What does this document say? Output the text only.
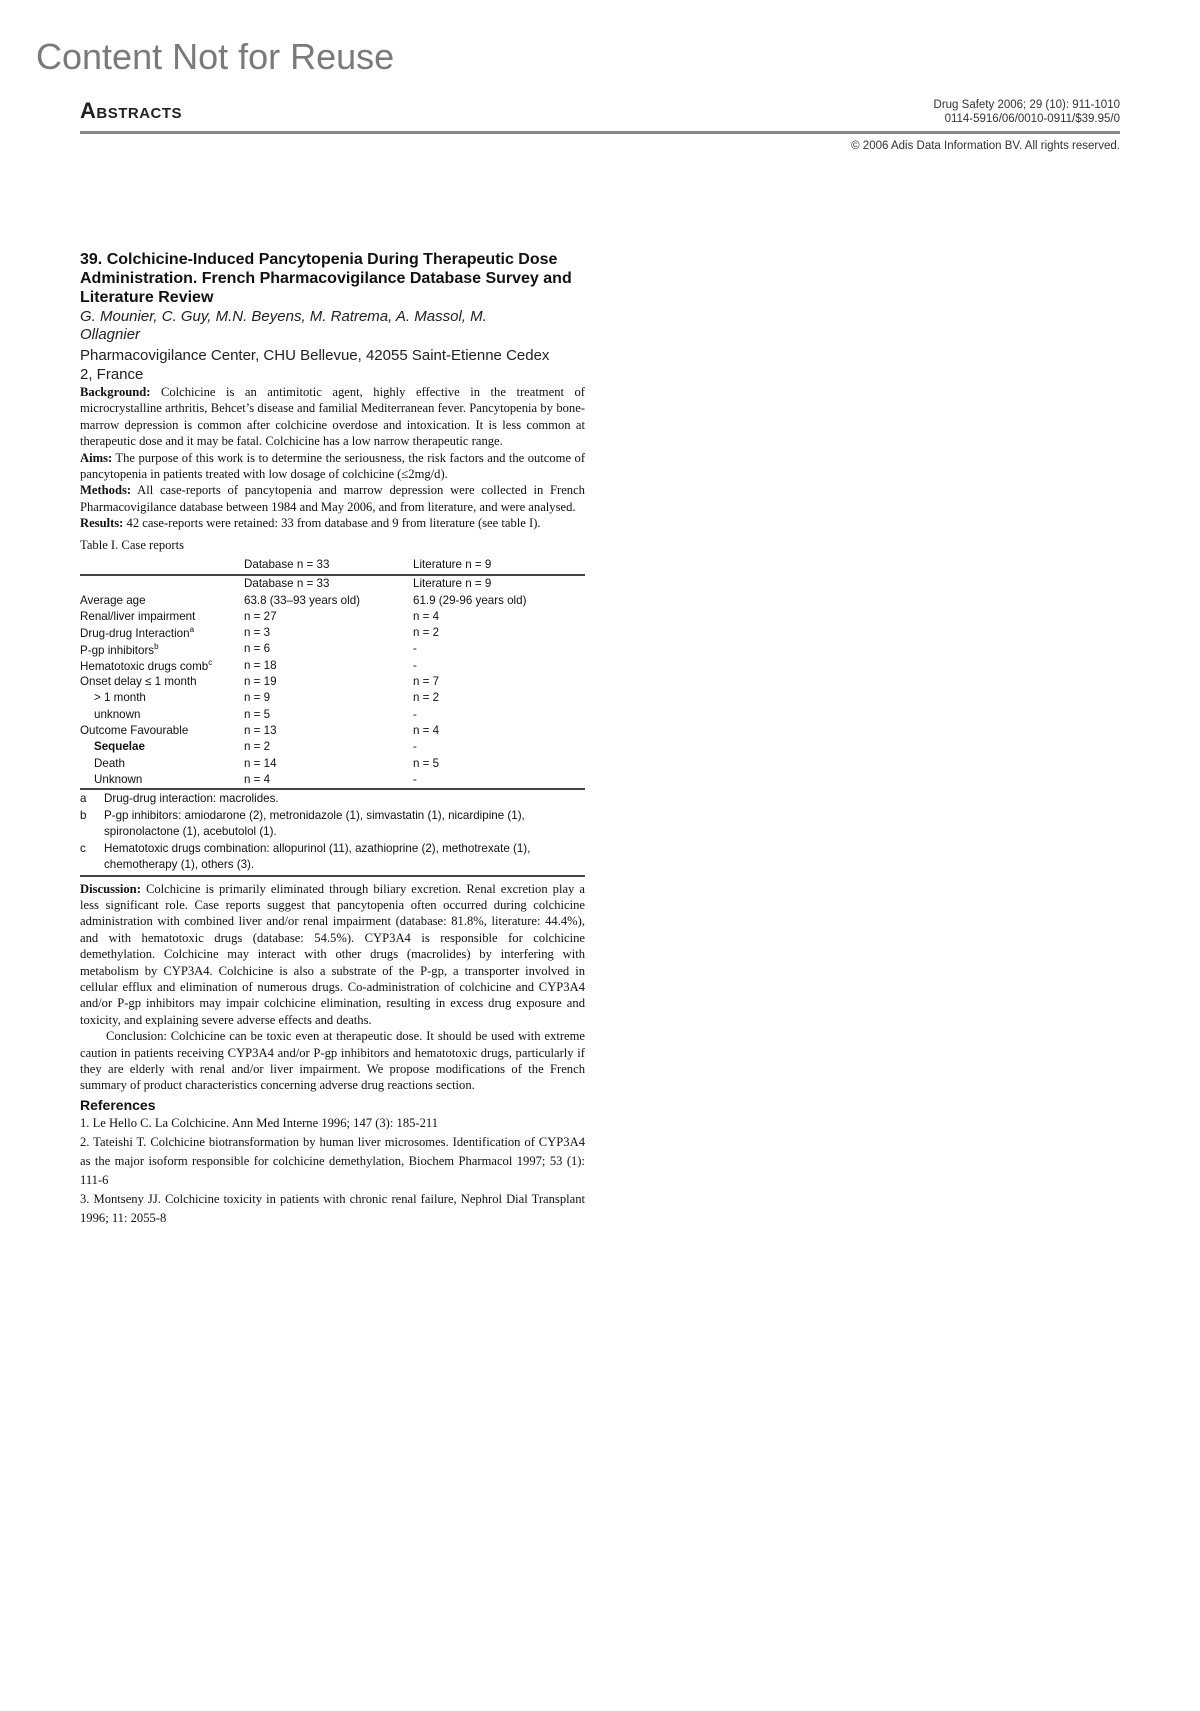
Content Not for Reuse
Abstracts	Drug Safety 2006; 29 (10): 911-1010
0114-5916/06/0010-0911/$39.95/0
© 2006 Adis Data Information BV. All rights reserved.
39. Colchicine-Induced Pancytopenia During Therapeutic Dose Administration. French Pharmacovigilance Database Survey and Literature Review
G. Mounier, C. Guy, M.N. Beyens, M. Ratrema, A. Massol, M. Ollagnier
Pharmacovigilance Center, CHU Bellevue, 42055 Saint-Etienne Cedex 2, France

Background: Colchicine is an antimitotic agent, highly effective in the treatment of microcrystalline arthritis, Behcet’s disease and familial Mediterranean fever. Pancytopenia by bone-marrow depression is common after colchicine overdose and intoxication. It is less common at therapeutic dose and it may be fatal. Colchicine has a low narrow therapeutic range.

Aims: The purpose of this work is to determine the seriousness, the risk factors and the outcome of pancytopenia in patients treated with low dosage of colchicine (≤2mg/d).

Methods: All case-reports of pancytopenia and marrow depression were collected in French Pharmacovigilance database between 1984 and May 2006, and from literature, and were analysed.

Results: 42 case-reports were retained: 33 from database and 9 from literature (see table I).

Table I. Case reports
	Database n = 33	Literature n = 9
	Database n = 33	Literature n = 9
Average age	63.8 (33–93 years old)	61.9 (29-96 years old)
Renal/liver impairment	n = 27	n = 4
Drug-drug Interaction$^a$	n = 3	n = 2
P-gp inhibitors$^b$	n = 6	-
Hematotoxic drugs comb$^c$	n = 18	-
Onset delay ≤ 1 month	n = 19	n = 7
> 1 month	n = 9	n = 2
unknown	n = 5	-
Outcome Favourable	n = 13	n = 4
Sequelae	n = 2	-
Death	n = 14	n = 5
Unknown	n = 4	-
a	Drug-drug interaction: macrolides.
b	P-gp inhibitors: amiodarone (2), metronidazole (1), simvastatin (1), nicardipine (1), spironolactone (1), acebutolol (1).
c	Hematotoxic drugs combination: allopurinol (11), azathioprine (2), methotrexate (1), chemotherapy (1), others (3).

Discussion: Colchicine is primarily eliminated through biliary excretion. Renal excretion play a less significant role. Case reports suggest that pancytopenia often occurred during colchicine administration with combined liver and/or renal impairment (database: 81.8%, literature: 44.4%), and with hematotoxic drugs (database: 54.5%). CYP3A4 is responsible for colchicine demethylation. Colchicine may interact with other drugs (macrolides) by interfering with metabolism by CYP3A4. Colchicine is also a substrate of the P-gp, a transporter involved in cellular efflux and elimination of numerous drugs. Co-administration of colchicine and CYP3A4 and/or P-gp inhibitors may impair colchicine elimination, resulting in excess drug exposure and toxicity, and explaining severe adverse effects and deaths.

Conclusion: Colchicine can be toxic even at therapeutic dose. It should be used with extreme caution in patients receiving CYP3A4 and/or P-gp inhibitors and hematotoxic drugs, particularly if they are elderly with renal and/or liver impairment. We propose modifications of the French summary of product characteristics concerning adverse drug reactions section.

References

1. Le Hello C. La Colchicine. Ann Med Interne 1996; 147 (3): 185-211

2. Tateishi T. Colchicine biotransformation by human liver microsomes. Identification of CYP3A4 as the major isoform responsible for colchicine demethylation, Biochem Pharmacol 1997; 53 (1): 111-6

3. Montseny JJ. Colchicine toxicity in patients with chronic renal failure, Nephrol Dial Transplant 1996; 11: 2055-8
